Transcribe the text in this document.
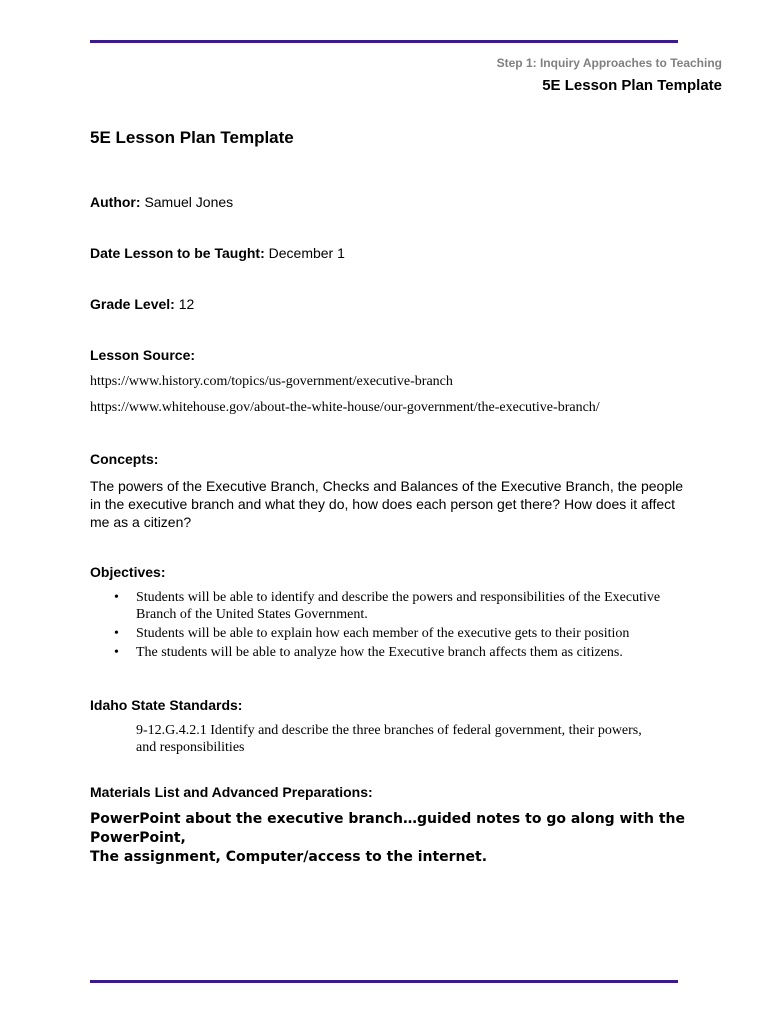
Step 1: Inquiry Approaches to Teaching
5E Lesson Plan Template
5E Lesson Plan Template
Author: Samuel Jones
Date Lesson to be Taught: December 1
Grade Level: 12
Lesson Source:
https://www.history.com/topics/us-government/executive-branch
https://www.whitehouse.gov/about-the-white-house/our-government/the-executive-branch/
Concepts:
The powers of the Executive Branch, Checks and Balances of the Executive Branch, the people in the executive branch and what they do, how does each person get there? How does it affect me as a citizen?
Objectives:
• Students will be able to identify and describe the powers and responsibilities of the Executive Branch of the United States Government.
• Students will be able to explain how each member of the executive gets to their position
• The students will be able to analyze how the Executive branch affects them as citizens.
Idaho State Standards:
9-12.G.4.2.1 Identify and describe the three branches of federal government, their powers, and responsibilities
Materials List and Advanced Preparations:
PowerPoint about the executive branch…guided notes to go along with the PowerPoint,
The assignment, Computer/access to the internet.
